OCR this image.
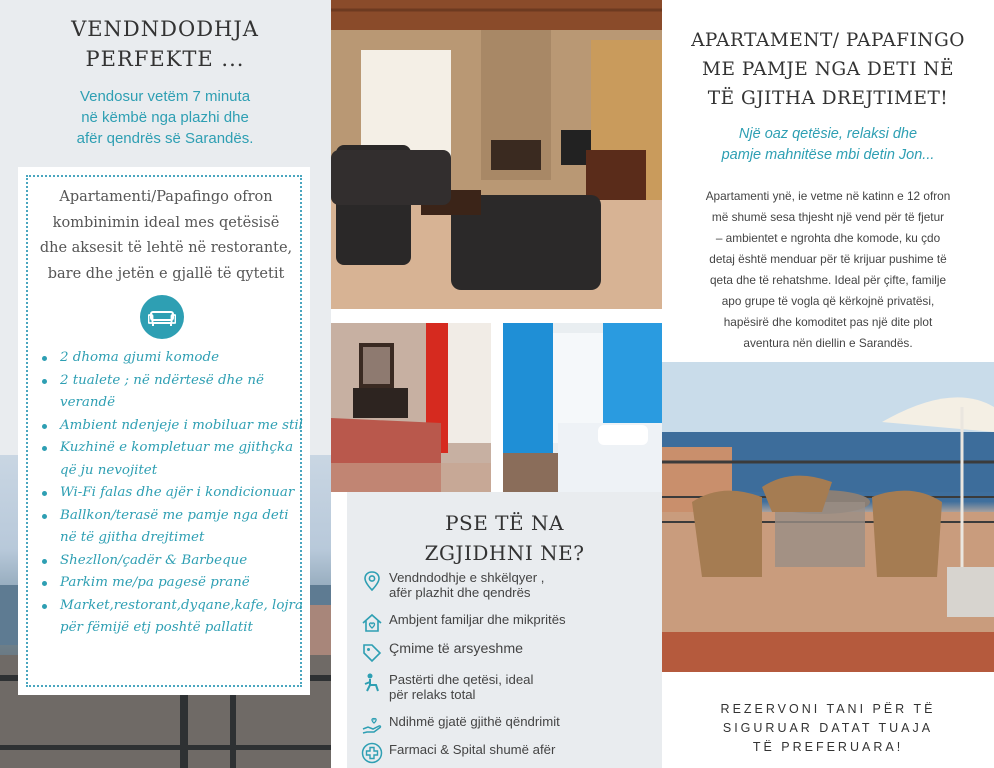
VENDNDODHJA
PERFEKTE ...
Vendosur vetëm 7 minuta
në këmbë nga plazhi dhe
afër qendrës së Sarandës.
Apartamenti/Papafingo ofron
kombinimin ideal mes qetësisë
dhe aksesit të lehtë në restorante,
bare dhe jetën e gjallë të qytetit
2 dhoma gjumi komode
2 tualete ; në ndërtesë dhe në verandë
Ambient ndenjeje i mobiluar me stil
Kuzhinë e kompletuar me gjithçka që ju nevojitet
Wi-Fi falas dhe ajër i kondicionuar
Ballkon/terasë me pamje nga deti në të gjitha drejtimet
Shezllon/çadër & Barbeque
Parkim me/pa pagesë pranë
Market,restorant,dyqane,kafe, lojra për fëmijë etj poshtë pallatit
PSE TË NA
ZGJIDHNI NE?
Vendndodhje e shkëlqyer ,
afër plazhit dhe qendrës
Ambjent familjar dhe mikpritës
Çmime të arsyeshme
Pastërti dhe qetësi, ideal
për relaks total
Ndihmë gjatë gjithë qëndrimit
Farmaci & Spital shumë afër
APARTAMENT/ PAPAFINGO
ME PAMJE NGA DETI NË
TË GJITHA DREJTIMET!
Një oaz qetësie, relaksi dhe
pamje mahnitëse mbi detin Jon...
Apartamenti ynë, ie vetme në katinn e 12 ofron
më shumë sesa thjesht një vend për të fjetur
– ambientet e ngrohta dhe komode, ku çdo
detaj është menduar për të krijuar pushime të
qeta dhe të rehatshme. Ideal për çifte, familje
apo grupe të vogla që kërkojnë privatësi,
hapësirë dhe komoditet pas një dite plot
aventura nën diellin e Sarandës.
REZERVONI TANI PËR TË
SIGURUAR DATAT TUAJA
TË PREFERUARA!
